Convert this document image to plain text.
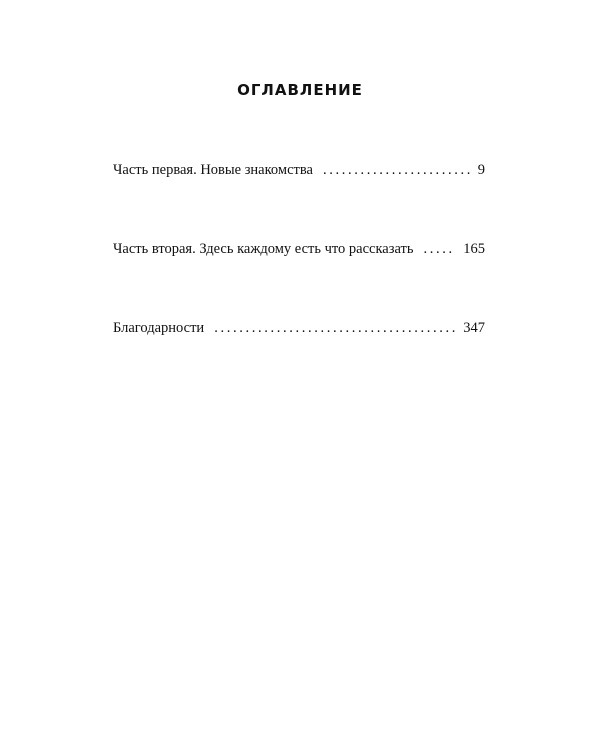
ОГЛАВЛЕНИЕ
Часть первая. Новые знакомства . . .	9
Часть вторая. Здесь каждому есть что рассказать . . .	165
Благодарности . . .	347
